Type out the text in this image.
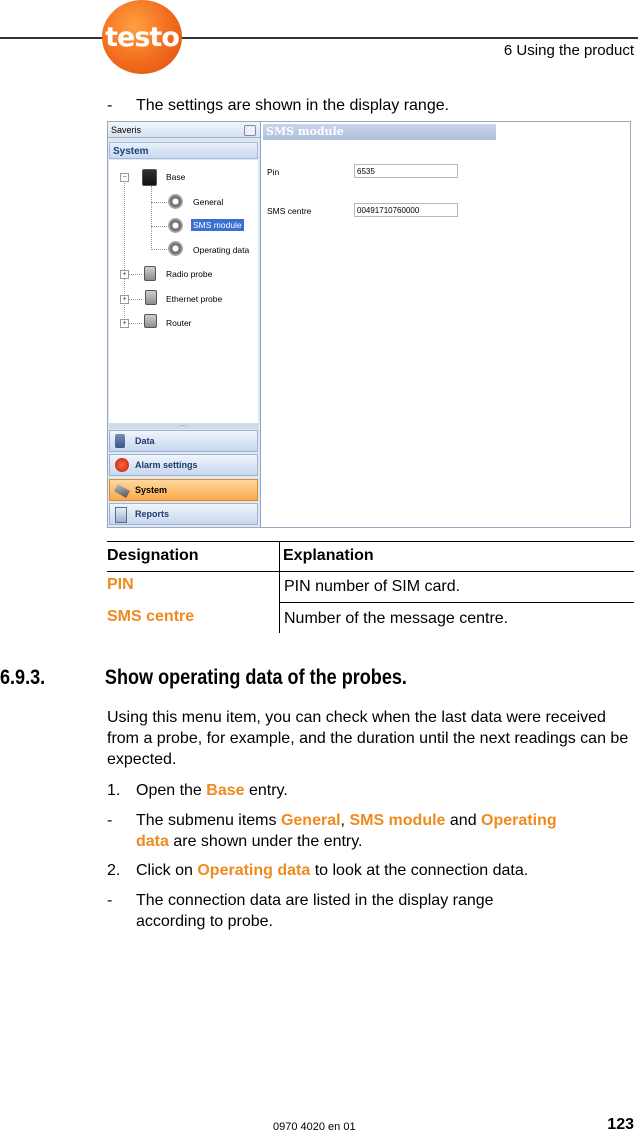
testo	6 Using the product
- The settings are shown in the display range.
Saveris
System
−	Base
General
SMS module
Operating data
+	Radio probe
+	Ethernet probe
+	Router
.....
Data
Alarm settings
System
Reports
SMS module
Pin	6535
SMS centre	00491710760000
Designation	Explanation
PIN	PIN number of SIM card.
SMS centre	Number of the message centre.
6.9.3.	Show operating data of the probes.
Using this menu item, you can check when the last data were received from a probe, for example, and the duration until the next readings can be expected.
1. Open the Base entry.
- The submenu items General, SMS module and Operating
data are shown under the entry.
2. Click on Operating data to look at the connection data.
- The connection data are listed in the display range
according to probe.
0970 4020 en 01	123
